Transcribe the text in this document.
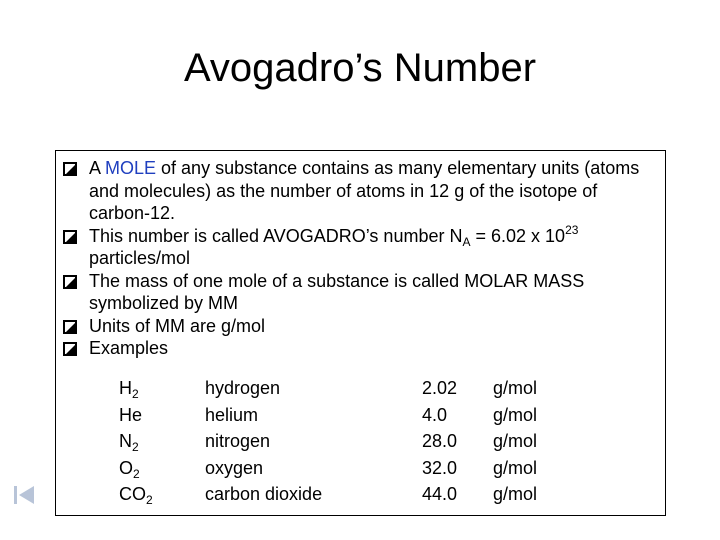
Avogadro’s Number
A MOLE of any substance contains as many elementary units (atoms and molecules) as the number of atoms in 12 g of the isotope of carbon-12.
This number is called AVOGADRO’s number $N_A = 6.02$ x $10^{23}$ particles/mol
The mass of one mole of a substance is called MOLAR MASS symbolized by MM
Units of MM are g/mol
Examples
$H_2$	hydrogen	2.02 g/mol
He	helium	4.0	g/mol
$N_2$	nitrogen	28.0 g/mol
$O_2$	oxygen	32.0 g/mol
$CO_2$	carbon dioxide	44.0 g/mol
